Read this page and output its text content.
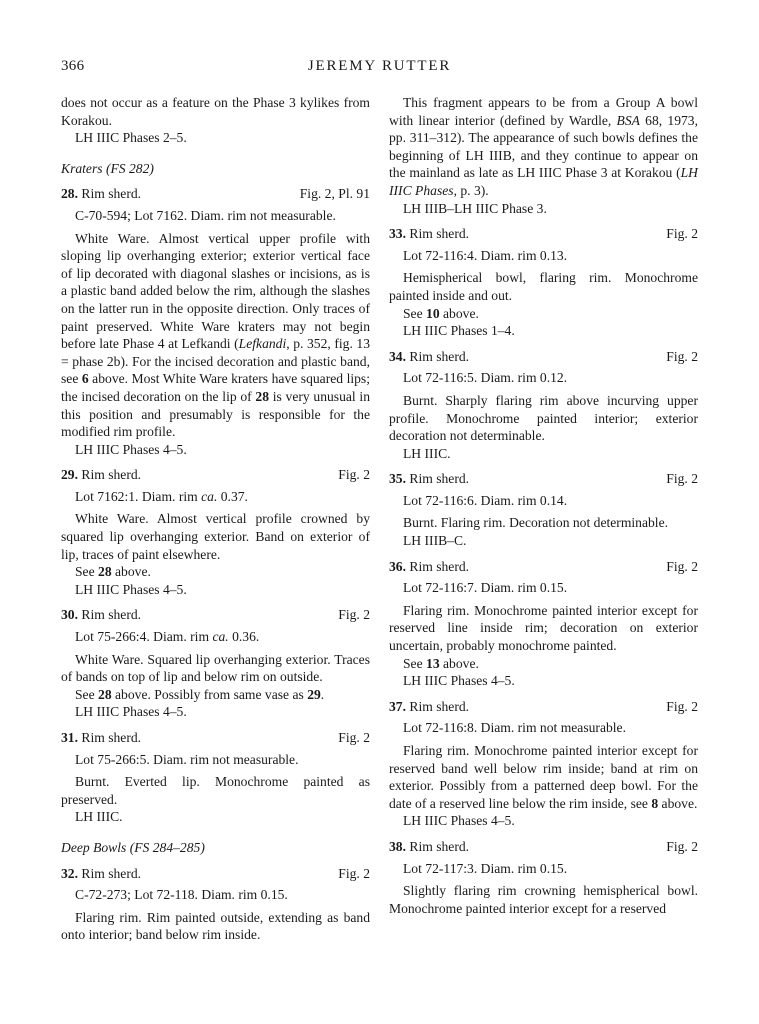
366	JEREMY RUTTER

does not occur as a feature on the Phase 3 kylikes from Korakou.

LH IIIC Phases 2–5.

Kraters (FS 282)

28. Rim sherd.	Fig. 2, Pl. 91

C-70-594; Lot 7162. Diam. rim not measurable.

White Ware. Almost vertical upper profile with sloping lip overhanging exterior; exterior vertical face of lip decorated with diagonal slashes or incisions, as is a plastic band added below the rim, although the slashes on the latter run in the opposite direction. Only traces of paint preserved. White Ware kraters may not begin before late Phase 4 at Lefkandi (Lefkandi, p. 352, fig. 13 = phase 2b). For the incised decoration and plastic band, see 6 above. Most White Ware kraters have squared lips; the incised decoration on the lip of 28 is very unusual in this position and presumably is responsible for the modified rim profile.

LH IIIC Phases 4–5.

29. Rim sherd.	Fig. 2

Lot 7162:1. Diam. rim ca. 0.37.

White Ware. Almost vertical profile crowned by squared lip overhanging exterior. Band on exterior of lip, traces of paint elsewhere.

See 28 above.

LH IIIC Phases 4–5.

30. Rim sherd.	Fig. 2

Lot 75-266:4. Diam. rim ca. 0.36.

White Ware. Squared lip overhanging exterior. Traces of bands on top of lip and below rim on outside.

See 28 above. Possibly from same vase as 29.

LH IIIC Phases 4–5.

31. Rim sherd.	Fig. 2

Lot 75-266:5. Diam. rim not measurable.

Burnt. Everted lip. Monochrome painted as preserved.

LH IIIC.

Deep Bowls (FS 284–285)

32. Rim sherd.	Fig. 2

C-72-273; Lot 72-118. Diam. rim 0.15.

Flaring rim. Rim painted outside, extending as band onto interior; band below rim inside.

This fragment appears to be from a Group A bowl with linear interior (defined by Wardle, BSA 68, 1973, pp. 311–312). The appearance of such bowls defines the beginning of LH IIIB, and they continue to appear on the mainland as late as LH IIIC Phase 3 at Korakou (LH IIIC Phases, p. 3).

LH IIIB–LH IIIC Phase 3.

33. Rim sherd.	Fig. 2

Lot 72-116:4. Diam. rim 0.13.

Hemispherical bowl, flaring rim. Monochrome painted inside and out.

See 10 above.

LH IIIC Phases 1–4.

34. Rim sherd.	Fig. 2

Lot 72-116:5. Diam. rim 0.12.

Burnt. Sharply flaring rim above incurving upper profile. Monochrome painted interior; exterior decoration not determinable.

LH IIIC.

35. Rim sherd.	Fig. 2

Lot 72-116:6. Diam. rim 0.14.

Burnt. Flaring rim. Decoration not determinable.

LH IIIB–C.

36. Rim sherd.	Fig. 2

Lot 72-116:7. Diam. rim 0.15.

Flaring rim. Monochrome painted interior except for reserved line inside rim; decoration on exterior uncertain, probably monochrome painted.

See 13 above.

LH IIIC Phases 4–5.

37. Rim sherd.	Fig. 2

Lot 72-116:8. Diam. rim not measurable.

Flaring rim. Monochrome painted interior except for reserved band well below rim inside; band at rim on exterior. Possibly from a patterned deep bowl. For the date of a reserved line below the rim inside, see 8 above.

LH IIIC Phases 4–5.

38. Rim sherd.	Fig. 2

Lot 72-117:3. Diam. rim 0.15.

Slightly flaring rim crowning hemispherical bowl. Monochrome painted interior except for a reserved
